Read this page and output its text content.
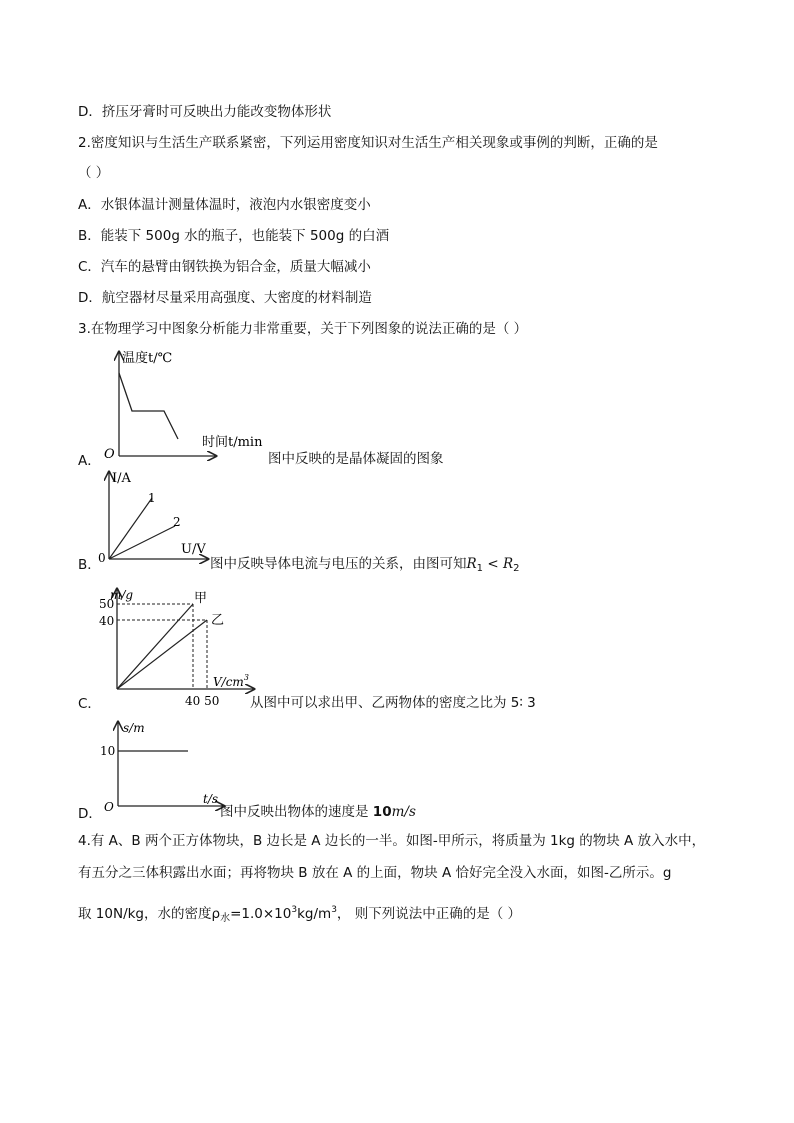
D．挤压牙膏时可反映出力能改变物体形状
2.密度知识与生活生产联系紧密，下列运用密度知识对生活生产相关现象或事例的判断，正确的是
（ ）
A．水银体温计测量体温时，液泡内水银密度变小
B．能装下 500g 水的瓶子，也能装下 500g 的白酒
C．汽车的悬臂由钢铁换为铝合金，质量大幅减小
D．航空器材尽量采用高强度、大密度的材料制造
3.在物理学习中图象分析能力非常重要，关于下列图象的说法正确的是（ ）
温度t/℃
时间t/min
O
A．	图中反映的是晶体凝固的图象
I/A
U/V
1
2
0
B．	图中反映导体电流与电压的关系，由图可知$R_1 < R_2$
m/g
50
40
甲
乙
40 50
$V/cm^3$
C．	从图中可以求出甲、乙两物体的密度之比为 5∶ 3
s/m
10
t/s
O
D．	图中反映出物体的速度是 10m/s
4.有 A、B 两个正方体物块，B 边长是 A 边长的一半。如图-甲所示，将质量为 1kg 的物块 A 放入水中，
有五分之三体积露出水面；再将物块 B 放在 A 的上面，物块 A 恰好完全没入水面，如图-乙所示。g
取 10N/kg，水的密度$\rho_水=1.0\times 10^3kg/m^3$， 则下列说法中正确的是（ ）
